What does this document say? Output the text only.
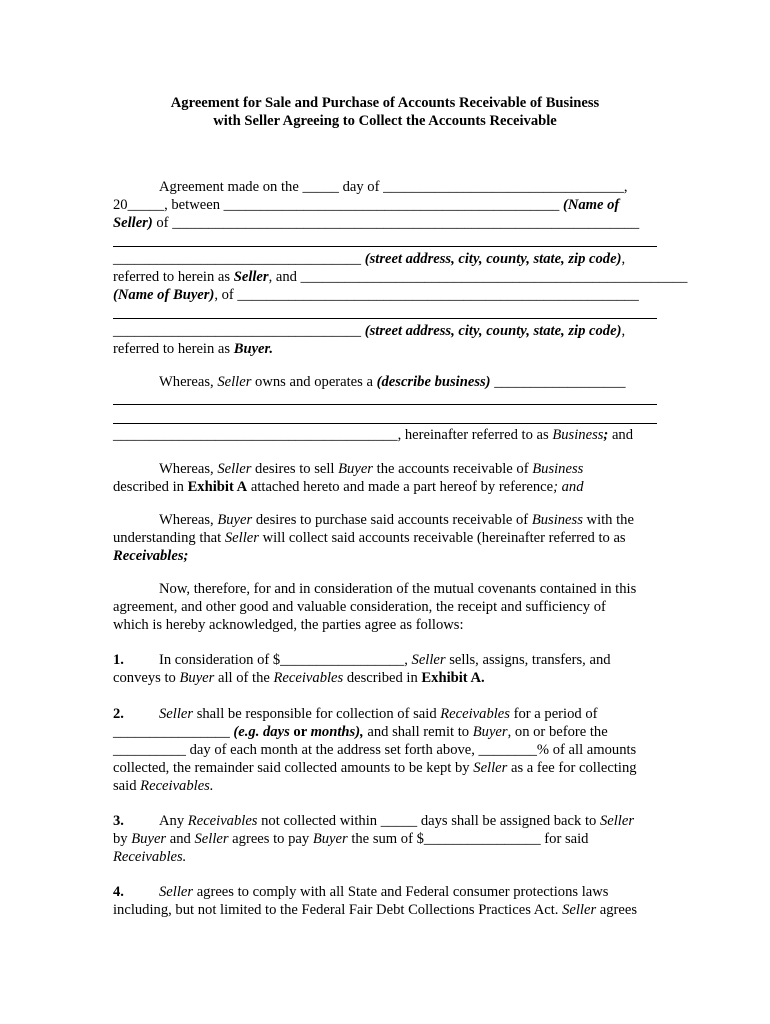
Agreement for Sale and Purchase of Accounts Receivable of Business
with Seller Agreeing to Collect the Accounts Receivable
Agreement made on the _____ day of _________________________________,
20_____, between ______________________________________________ (Name of
Seller) of ________________________________________________________________
__________________________________ (street address, city, county, state, zip code),
referred to herein as Seller, and _____________________________________________________
(Name of Buyer), of _______________________________________________________
__________________________________ (street address, city, county, state, zip code),
referred to herein as Buyer.
Whereas, Seller owns and operates a (describe business) __________________
_______________________________________, hereinafter referred to as Business; and
Whereas, Seller desires to sell Buyer the accounts receivable of Business
described in Exhibit A attached hereto and made a part hereof by reference; and
Whereas, Buyer desires to purchase said accounts receivable of Business with the
understanding that Seller will collect said accounts receivable (hereinafter referred to as
Receivables;
Now, therefore, for and in consideration of the mutual covenants contained in this
agreement, and other good and valuable consideration, the receipt and sufficiency of
which is hereby acknowledged, the parties agree as follows:
1. In consideration of $_________________, Seller sells, assigns, transfers, and
conveys to Buyer all of the Receivables described in Exhibit A.
2. Seller shall be responsible for collection of said Receivables for a period of
________________ (e.g. days or months), and shall remit to Buyer, on or before the
__________ day of each month at the address set forth above, ________% of all amounts
collected, the remainder said collected amounts to be kept by Seller as a fee for collecting
said Receivables.
3. Any Receivables not collected within _____ days shall be assigned back to Seller
by Buyer and Seller agrees to pay Buyer the sum of $________________ for said
Receivables.
4. Seller agrees to comply with all State and Federal consumer protections laws
including, but not limited to the Federal Fair Debt Collections Practices Act. Seller agrees
